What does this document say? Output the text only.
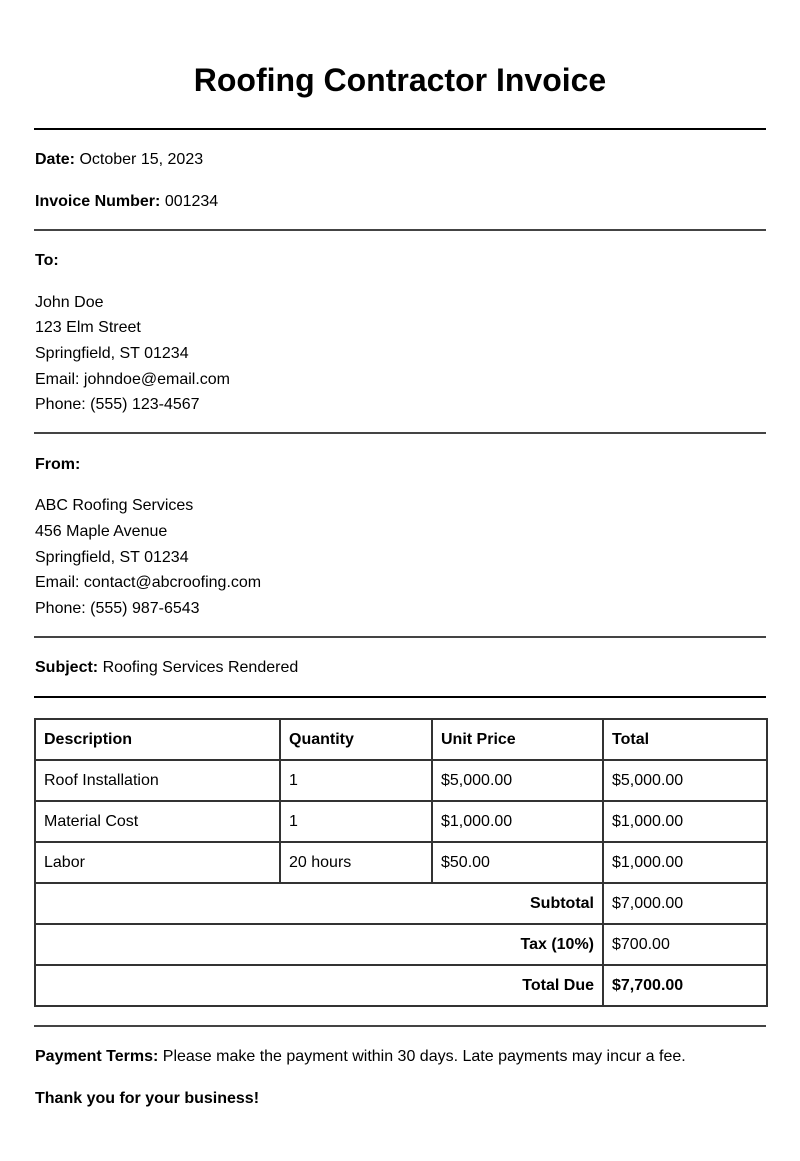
Roofing Contractor Invoice
Date: October 15, 2023
Invoice Number: 001234
To:
John Doe
123 Elm Street
Springfield, ST 01234
Email: johndoe@email.com
Phone: (555) 123-4567
From:
ABC Roofing Services
456 Maple Avenue
Springfield, ST 01234
Email: contact@abcroofing.com
Phone: (555) 987-6543
Subject: Roofing Services Rendered
Description	Quantity	Unit Price	Total
Roof Installation	1	$5,000.00	$5,000.00
Material Cost	1	$1,000.00	$1,000.00
Labor	20 hours	$50.00	$1,000.00
Subtotal			$7,000.00
Tax (10%)			$700.00
Total Due			$7,700.00
Payment Terms: Please make the payment within 30 days. Late payments may incur a fee.
Thank you for your business!
